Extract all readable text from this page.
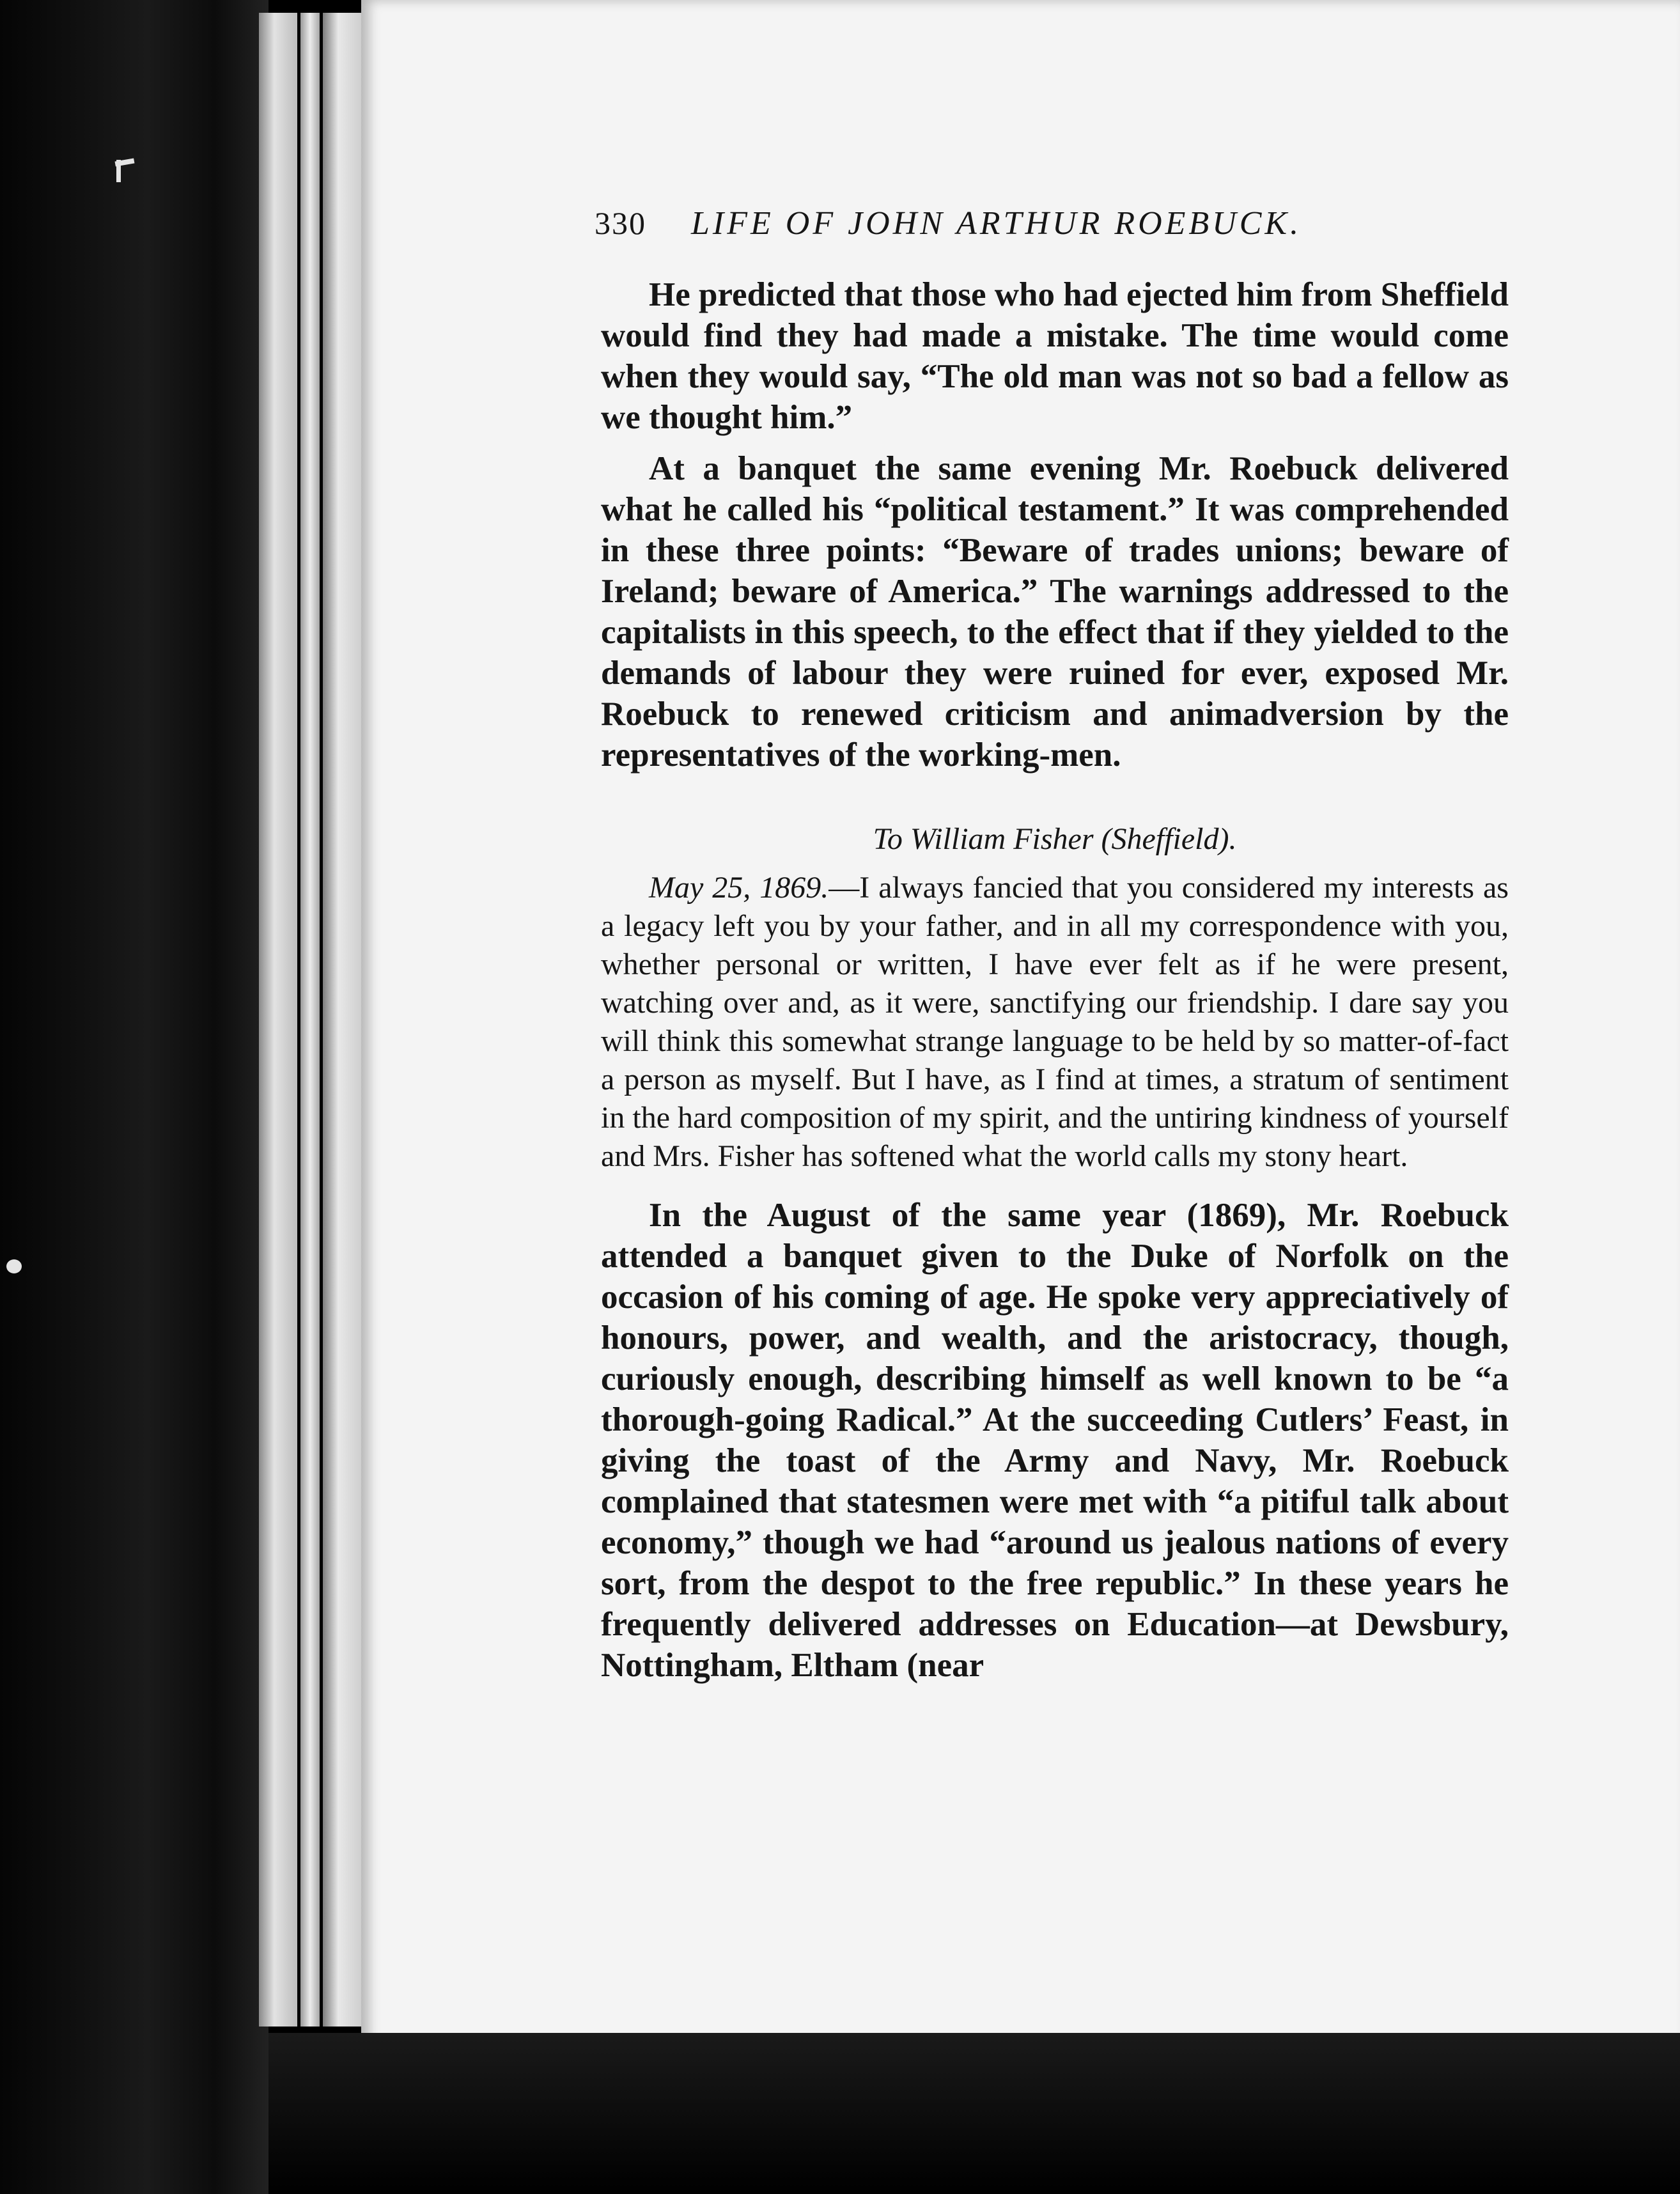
330 LIFE OF JOHN ARTHUR ROEBUCK.

He predicted that those who had ejected him from Sheffield would find they had made a mistake. The time would come when they would say, “The old man was not so bad a fellow as we thought him.”

At a banquet the same evening Mr. Roebuck delivered what he called his “political testament.” It was comprehended in these three points: “Beware of trades unions; beware of Ireland; beware of America.” The warnings addressed to the capitalists in this speech, to the effect that if they yielded to the demands of labour they were ruined for ever, exposed Mr. Roebuck to renewed criticism and animadversion by the representatives of the working-men.

To William Fisher (Sheffield).

May 25, 1869.—I always fancied that you considered my interests as a legacy left you by your father, and in all my correspondence with you, whether personal or written, I have ever felt as if he were present, watching over and, as it were, sanctifying our friendship. I dare say you will think this somewhat strange language to be held by so matter-of-fact a person as myself. But I have, as I find at times, a stratum of sentiment in the hard composition of my spirit, and the untiring kindness of yourself and Mrs. Fisher has softened what the world calls my stony heart.

In the August of the same year (1869), Mr. Roebuck attended a banquet given to the Duke of Norfolk on the occasion of his coming of age. He spoke very appreciatively of honours, power, and wealth, and the aristocracy, though, curiously enough, describing himself as well known to be “a thorough-going Radical.” At the succeeding Cutlers’ Feast, in giving the toast of the Army and Navy, Mr. Roebuck complained that statesmen were met with “a pitiful talk about economy,” though we had “around us jealous nations of every sort, from the despot to the free republic.” In these years he frequently delivered addresses on Education—at Dewsbury, Nottingham, Eltham (near
